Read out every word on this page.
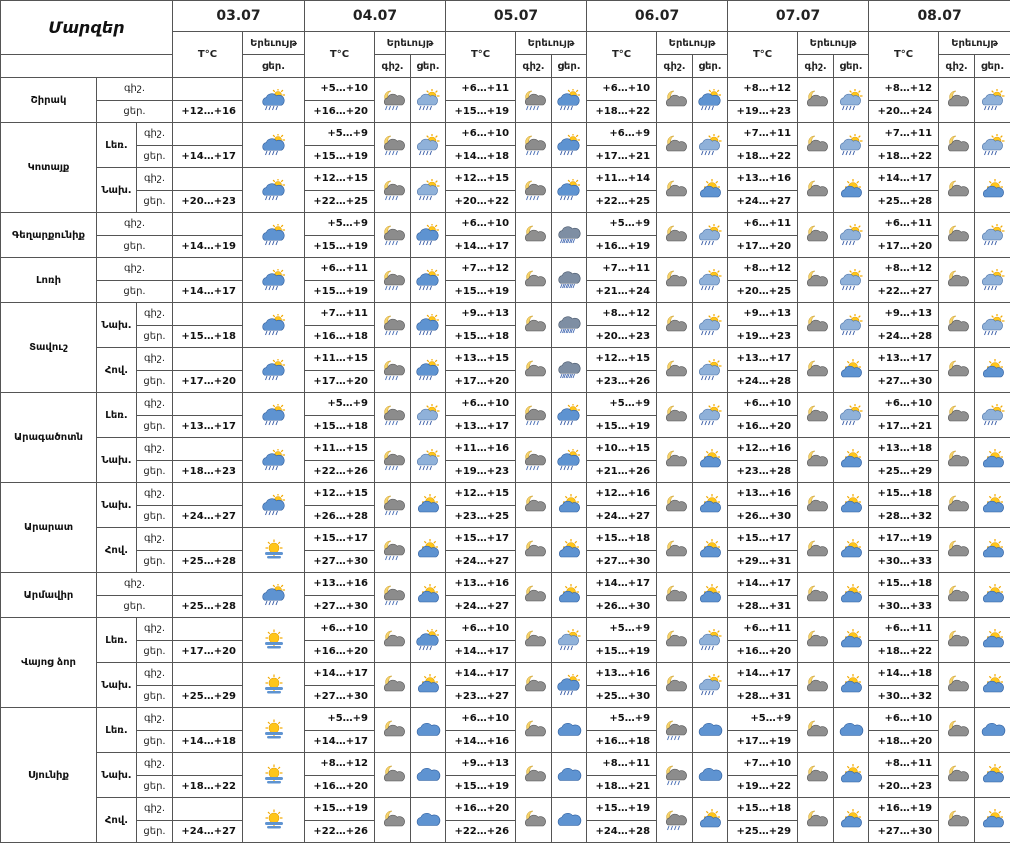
Մարզեր			03.07		04.07			05.07			06.07			07.07			08.07		
			T°C	Երեւույթ	T°C	Երեւույթ		T°C	Երեւույթ		T°C	Երեւույթ		T°C	Երեւույթ		T°C	Երեւույթ	
				ցեր.		գիշ.	ցեր.		գիշ.	ցեր.		գիշ.	ցեր.		գիշ.	ցեր.		գիշ.	ցեր.
Շիրակ	գիշ.				+5…+10			+6…+11			+6…+10			+8…+12			+8…+12	

	ցեր.		+12…+16		+16…+20			+15…+19			+18…+22			+19…+23			+20…+24		
Կոտայք	Լեռ.	գիշ.			+5…+9			+6…+10			+6…+9			+7…+11			+7…+11	

		ցեր.	+14…+17		+15…+19			+14…+18			+17…+21			+18…+22			+18…+22		
	Նախ.	գիշ.			+12…+15			+12…+15			+11…+14			+13…+16			+14…+17	

		ցեր.	+20…+23		+22…+25			+20…+22			+22…+25			+24…+27			+25…+28		
Գեղարքունիք	գիշ.				+5…+9			+6…+10			+5…+9			+6…+11			+6…+11	

	ցեր.		+14…+19		+15…+19			+14…+17			+16…+19			+17…+20			+17…+20		
Լոռի	գիշ.				+6…+11			+7…+12			+7…+11			+8…+12			+8…+12	

	ցեր.		+14…+17		+15…+19			+15…+19			+21…+24			+20…+25			+22…+27		
Տավուշ	Նախ.	գիշ.			+7…+11			+9…+13			+8…+12			+9…+13			+9…+13	

		ցեր.	+15…+18		+16…+18			+15…+18			+20…+23			+19…+23			+24…+28		
	Հով.	գիշ.			+11…+15			+13…+15			+12…+15			+13…+17			+13…+17	

		ցեր.	+17…+20		+17…+20			+17…+20			+23…+26			+24…+28			+27…+30		
Արագածոտն	Լեռ.	գիշ.			+5…+9			+6…+10			+5…+9			+6…+10			+6…+10	

		ցեր.	+13…+17		+15…+18			+13…+17			+15…+19			+16…+20			+17…+21		
	Նախ.	գիշ.			+11…+15			+11…+16			+10…+15			+12…+16			+13…+18	

		ցեր.	+18…+23		+22…+26			+19…+23			+21…+26			+23…+28			+25…+29		
Արարատ	Նախ.	գիշ.			+12…+15			+12…+15			+12…+16			+13…+16			+15…+18	

		ցեր.	+24…+27		+26…+28			+23…+25			+24…+27			+26…+30			+28…+32		
	Հով.	գիշ.			+15…+17			+15…+17			+15…+18			+15…+17			+17…+19	

		ցեր.	+25…+28		+27…+30			+24…+27			+27…+30			+29…+31			+30…+33		
Արմավիր	գիշ.				+13…+16			+13…+16			+14…+17			+14…+17			+15…+18	

	ցեր.		+25…+28		+27…+30			+24…+27			+26…+30			+28…+31			+30…+33		
Վայոց ձոր	Լեռ.	գիշ.			+6…+10			+6…+10			+5…+9			+6…+11			+6…+11	

		ցեր.	+17…+20		+16…+20			+14…+17			+15…+19			+16…+20			+18…+22		
	Նախ.	գիշ.			+14…+17			+14…+17			+13…+16			+14…+17			+14…+18	

		ցեր.	+25…+29		+27…+30			+23…+27			+25…+30			+28…+31			+30…+32		
Սյունիք	Լեռ.	գիշ.			+5…+9			+6…+10			+5…+9			+5…+9			+6…+10	

		ցեր.	+14…+18		+14…+17			+14…+16			+16…+18			+17…+19			+18…+20		
	Նախ.	գիշ.			+8…+12			+9…+13			+8…+11			+7…+10			+8…+11	

		ցեր.	+18…+22		+16…+20			+15…+19			+18…+21			+19…+22			+20…+23		
	Հով.	գիշ.			+15…+19			+16…+20			+15…+19			+15…+18			+16…+19	

		ցեր.	+24…+27		+22…+26			+22…+26			+24…+28			+25…+29			+27…+30		
